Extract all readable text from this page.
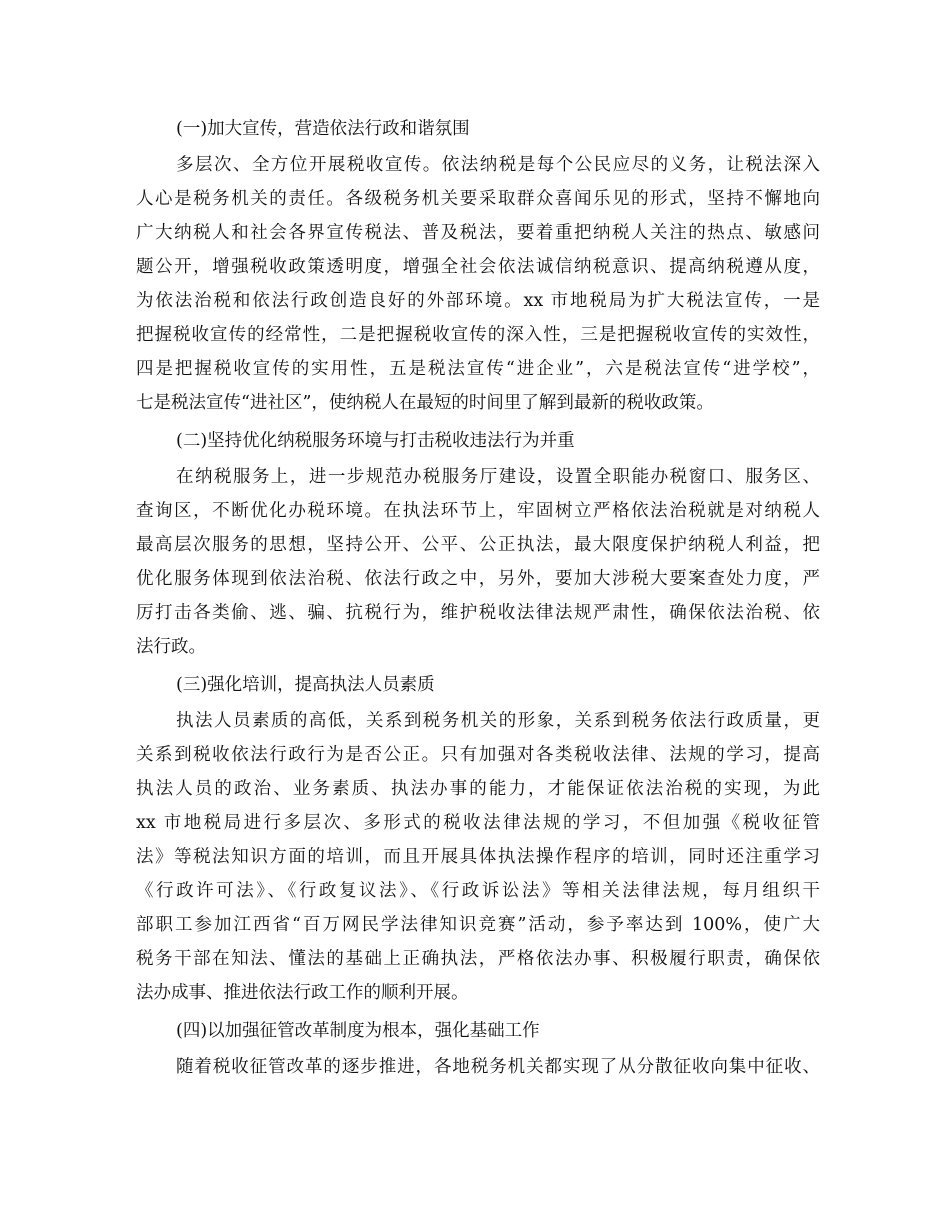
(一)加大宣传，营造依法行政和谐氛围
多层次、全方位开展税收宣传。依法纳税是每个公民应尽的义务，让税法深入
人心是税务机关的责任。各级税务机关要采取群众喜闻乐见的形式，坚持不懈地向
广大纳税人和社会各界宣传税法、普及税法，要着重把纳税人关注的热点、敏感问
题公开，增强税收政策透明度，增强全社会依法诚信纳税意识、提高纳税遵从度，
为依法治税和依法行政创造良好的外部环境。xx 市地税局为扩大税法宣传，一是
把握税收宣传的经常性，二是把握税收宣传的深入性，三是把握税收宣传的实效性，
四是把握税收宣传的实用性，五是税法宣传“进企业”，六是税法宣传“进学校”，
七是税法宣传“进社区”，使纳税人在最短的时间里了解到最新的税收政策。
(二)坚持优化纳税服务环境与打击税收违法行为并重
在纳税服务上，进一步规范办税服务厅建设，设置全职能办税窗口、服务区、
查询区，不断优化办税环境。在执法环节上，牢固树立严格依法治税就是对纳税人
最高层次服务的思想，坚持公开、公平、公正执法，最大限度保护纳税人利益，把
优化服务体现到依法治税、依法行政之中，另外，要加大涉税大要案查处力度，严
厉打击各类偷、逃、骗、抗税行为，维护税收法律法规严肃性，确保依法治税、依
法行政。
(三)强化培训，提高执法人员素质
执法人员素质的高低，关系到税务机关的形象，关系到税务依法行政质量，更
关系到税收依法行政行为是否公正。只有加强对各类税收法律、法规的学习，提高
执法人员的政治、业务素质、执法办事的能力，才能保证依法治税的实现，为此
xx 市地税局进行多层次、多形式的税收法律法规的学习，不但加强《税收征管
法》等税法知识方面的培训，而且开展具体执法操作程序的培训，同时还注重学习
《行政许可法》、《行政复议法》、《行政诉讼法》等相关法律法规，每月组织干
部职工参加江西省“百万网民学法律知识竞赛”活动，参予率达到 100%，使广大
税务干部在知法、懂法的基础上正确执法，严格依法办事、积极履行职责，确保依
法办成事、推进依法行政工作的顺利开展。
(四)以加强征管改革制度为根本，强化基础工作
随着税收征管改革的逐步推进，各地税务机关都实现了从分散征收向集中征收、
